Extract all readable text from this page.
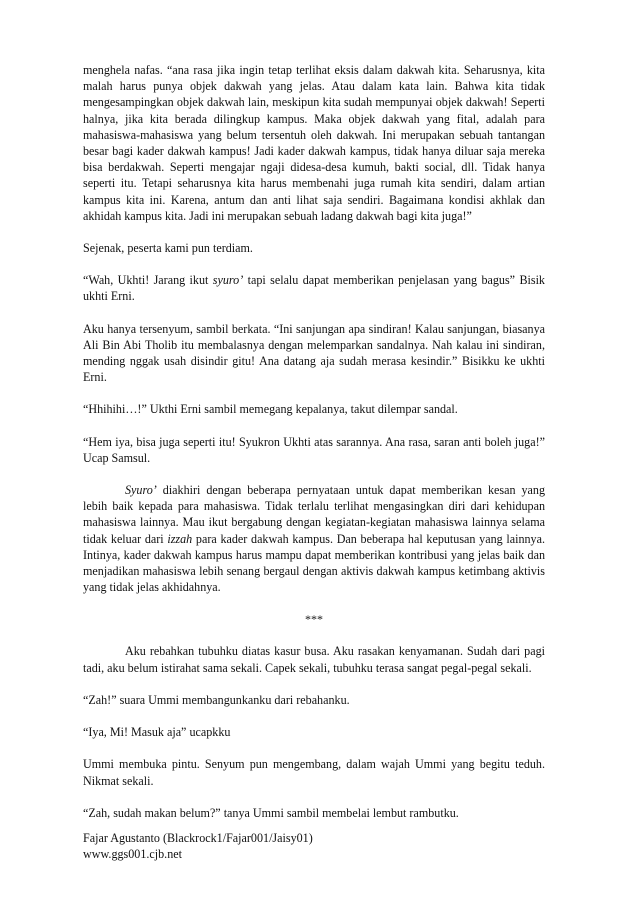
menghela nafas. “ana rasa jika ingin tetap terlihat eksis dalam dakwah kita. Seharusnya, kita malah harus punya objek dakwah yang jelas. Atau dalam kata lain. Bahwa kita tidak mengesampingkan objek dakwah lain, meskipun kita sudah mempunyai objek dakwah! Seperti halnya, jika kita berada dilingkup kampus. Maka objek dakwah yang fital, adalah para mahasiswa-mahasiswa yang belum tersentuh oleh dakwah. Ini merupakan sebuah tantangan besar bagi kader dakwah kampus! Jadi kader dakwah kampus, tidak hanya diluar saja mereka bisa berdakwah. Seperti mengajar ngaji didesa-desa kumuh, bakti social, dll. Tidak hanya seperti itu. Tetapi seharusnya kita harus membenahi juga rumah kita sendiri, dalam artian kampus kita ini. Karena, antum dan anti lihat saja sendiri. Bagaimana kondisi akhlak dan akhidah kampus kita. Jadi ini merupakan sebuah ladang dakwah bagi kita juga!”

Sejenak, peserta kami pun terdiam.

“Wah, Ukhti! Jarang ikut syuro’ tapi selalu dapat memberikan penjelasan yang bagus” Bisik ukhti Erni.

Aku hanya tersenyum, sambil berkata. “Ini sanjungan apa sindiran! Kalau sanjungan, biasanya Ali Bin Abi Tholib itu membalasnya dengan melemparkan sandalnya. Nah kalau ini sindiran, mending nggak usah disindir gitu! Ana datang aja sudah merasa kesindir.” Bisikku ke ukhti Erni.

“Hhihihi…!” Ukthi Erni sambil memegang kepalanya, takut dilempar sandal.

“Hem iya, bisa juga seperti itu! Syukron Ukhti atas sarannya. Ana rasa, saran anti boleh juga!” Ucap Samsul.

Syuro’ diakhiri dengan beberapa pernyataan untuk dapat memberikan kesan yang lebih baik kepada para mahasiswa. Tidak terlalu terlihat mengasingkan diri dari kehidupan mahasiswa lainnya. Mau ikut bergabung dengan kegiatan-kegiatan mahasiswa lainnya selama tidak keluar dari izzah para kader dakwah kampus. Dan beberapa hal keputusan yang lainnya. Intinya, kader dakwah kampus harus mampu dapat memberikan kontribusi yang jelas baik dan menjadikan mahasiswa lebih senang bergaul dengan aktivis dakwah kampus ketimbang aktivis yang tidak jelas akhidahnya.

***

Aku rebahkan tubuhku diatas kasur busa. Aku rasakan kenyamanan. Sudah dari pagi tadi, aku belum istirahat sama sekali. Capek sekali, tubuhku terasa sangat pegal-pegal sekali.

“Zah!” suara Ummi membangunkanku dari rebahanku.

“Iya, Mi! Masuk aja” ucapkku

Ummi membuka pintu. Senyum pun mengembang, dalam wajah Ummi yang begitu teduh. Nikmat sekali.

“Zah, sudah makan belum?” tanya Ummi sambil membelai lembut rambutku.

Fajar Agustanto (Blackrock1/Fajar001/Jaisy01)
www.ggs001.cjb.net
